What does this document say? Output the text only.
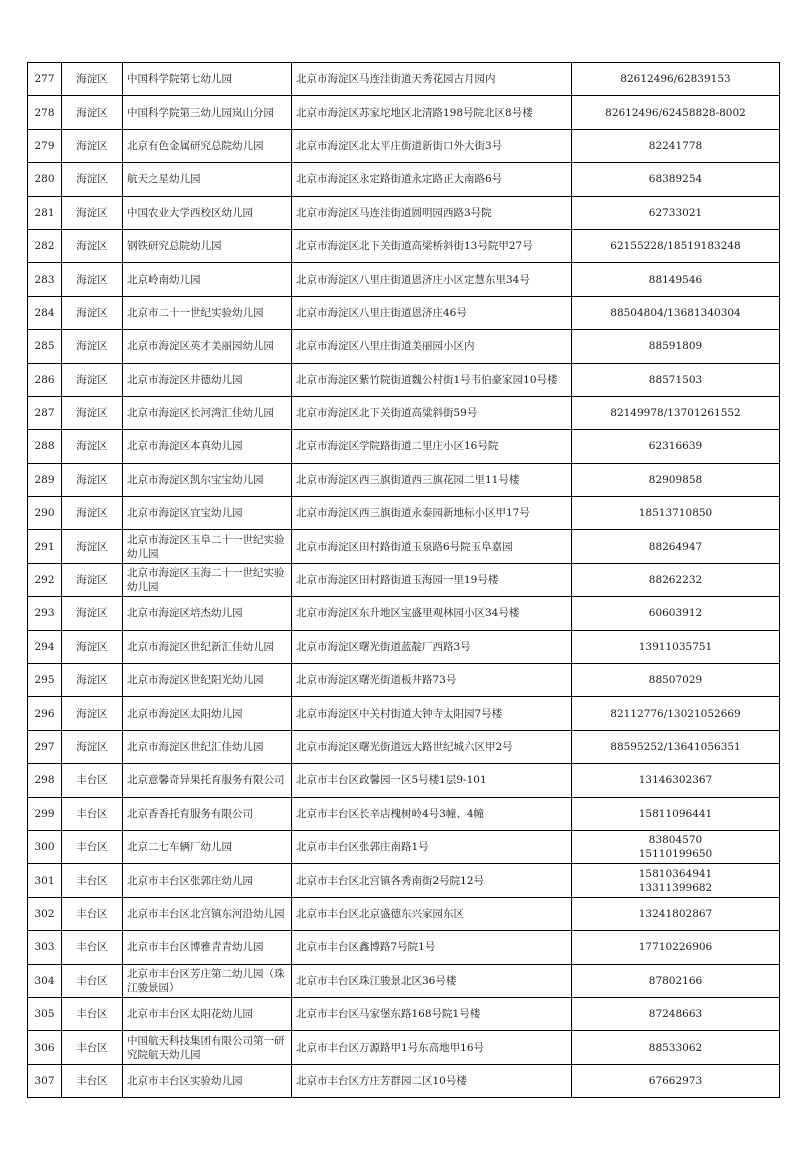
277	海淀区	中国科学院第七幼儿园	北京市海淀区马连洼街道天秀花园古月园内	82612496/62839153

278	海淀区	中国科学院第三幼儿园岚山分园	北京市海淀区苏家坨地区北清路198号院北区8号楼	82612496/62458828-8002

279	海淀区	北京有色金属研究总院幼儿园	北京市海淀区北太平庄街道新街口外大街3号	82241778

280	海淀区	航天之星幼儿园	北京市海淀区永定路街道永定路正大南路6号	68389254

281	海淀区	中国农业大学西校区幼儿园	北京市海淀区马连洼街道圆明园西路3号院	62733021

282	海淀区	钢铁研究总院幼儿园	北京市海淀区北下关街道高梁桥斜街13号院甲27号	62155228/18519183248

283	海淀区	北京岭南幼儿园	北京市海淀区八里庄街道恩济庄小区定慧东里34号	88149546

284	海淀区	北京市二十一世纪实验幼儿园	北京市海淀区八里庄街道恩济庄46号	88504804/13681340304

285	海淀区	北京市海淀区英才美丽园幼儿园	北京市海淀区八里庄街道美丽园小区内	88591809

286	海淀区	北京市海淀区井德幼儿园	北京市海淀区紫竹院街道魏公村街1号韦伯豪家园10号楼	88571503

287	海淀区	北京市海淀区长河湾汇佳幼儿园	北京市海淀区北下关街道高粱斜街59号	82149978/13701261552

288	海淀区	北京市海淀区本真幼儿园	北京市海淀区学院路街道二里庄小区16号院	62316639

289	海淀区	北京市海淀区凯尔宝宝幼儿园	北京市海淀区西三旗街道西三旗花园二里11号楼	82909858

290	海淀区	北京市海淀区宜宝幼儿园	北京市海淀区西三旗街道永泰园新地标小区甲17号	18513710850

291	海淀区	北京市海淀区玉阜二十一世纪实验幼儿园	北京市海淀区田村路街道玉泉路6号院玉阜嘉园	88264947

292	海淀区	北京市海淀区玉海二十一世纪实验幼儿园	北京市海淀区田村路街道玉海园一里19号楼	88262232

293	海淀区	北京市海淀区培杰幼儿园	北京市海淀区东升地区宝盛里观林园小区34号楼	60603912

294	海淀区	北京市海淀区世纪新汇佳幼儿园	北京市海淀区曙光街道蓝靛厂西路3号	13911035751

295	海淀区	北京市海淀区世纪阳光幼儿园	北京市海淀区曙光街道板井路73号	88507029

296	海淀区	北京市海淀区太阳幼儿园	北京市海淀区中关村街道大钟寺太阳园7号楼	82112776/13021052669

297	海淀区	北京市海淀区世纪汇佳幼儿园	北京市海淀区曙光街道远大路世纪城六区甲2号	88595252/13641056351

298	丰台区	北京意馨奇异果托育服务有限公司	北京市丰台区政馨园一区5号楼1层9-101	13146302367

299	丰台区	北京香香托育服务有限公司	北京市丰台区长辛店槐树岭4号3幢、4幢	15811096441

300	丰台区	北京二七车辆厂幼儿园	北京市丰台区张郭庄南路1号	83804570
15110199650

301	丰台区	北京市丰台区张郭庄幼儿园	北京市丰台区北宫镇各秀南街2号院12号	15810364941
13311399682

302	丰台区	北京市丰台区北宫镇东河沿幼儿园	北京市丰台区北京盛德东兴家园东区	13241802867

303	丰台区	北京市丰台区博雅青青幼儿园	北京市丰台区鑫博路7号院1号	17710226906

304	丰台区	北京市丰台区芳庄第二幼儿园（珠江骏景园）	北京市丰台区珠江骏景北区36号楼	87802166

305	丰台区	北京市丰台区太阳花幼儿园	北京市丰台区马家堡东路168号院1号楼	87248663

306	丰台区	中国航天科技集团有限公司第一研究院航天幼儿园	北京市丰台区万源路甲1号东高地甲16号	88533062

307	丰台区	北京市丰台区实验幼儿园	北京市丰台区方庄芳群园二区10号楼	67662973
